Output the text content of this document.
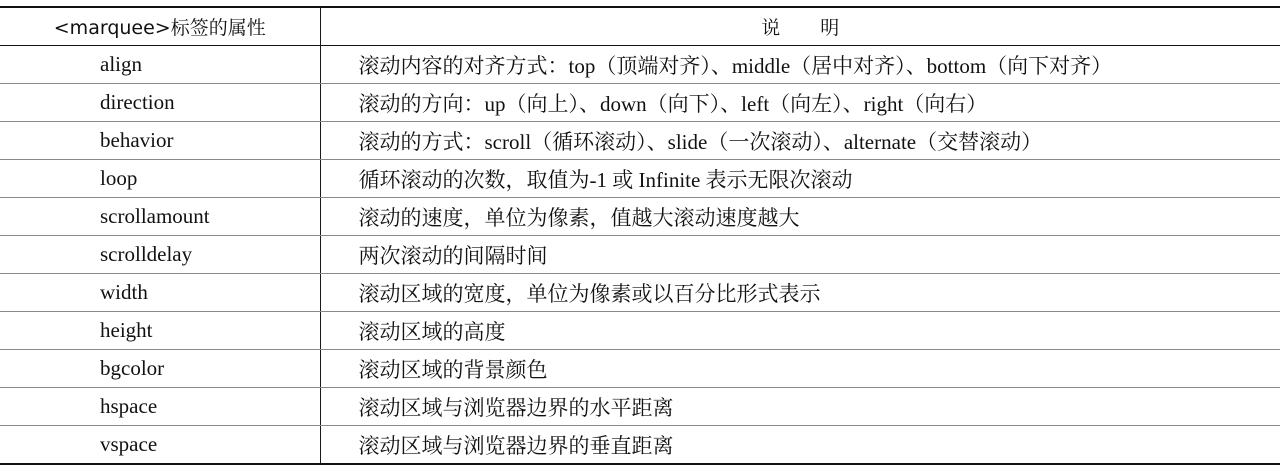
<marquee>标签的属性	说明
align	滚动内容的对齐方式：top（顶端对齐）、middle（居中对齐）、bottom（向下对齐）
direction	滚动的方向：up（向上）、down（向下）、left（向左）、right（向右）
behavior	滚动的方式：scroll（循环滚动）、slide（一次滚动）、alternate（交替滚动）
loop	循环滚动的次数，取值为-1 或 Infinite 表示无限次滚动
scrollamount	滚动的速度，单位为像素，值越大滚动速度越大
scrolldelay	两次滚动的间隔时间
width	滚动区域的宽度，单位为像素或以百分比形式表示
height	滚动区域的高度
bgcolor	滚动区域的背景颜色
hspace	滚动区域与浏览器边界的水平距离
vspace	滚动区域与浏览器边界的垂直距离
